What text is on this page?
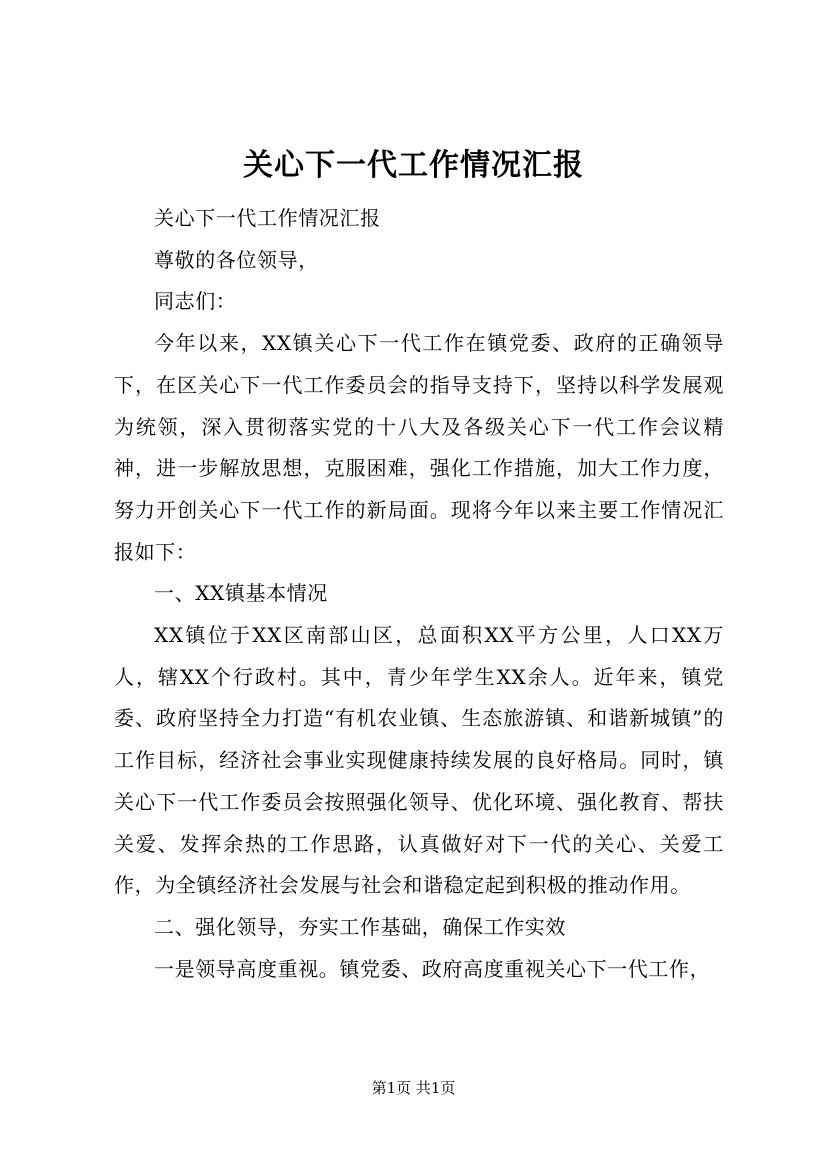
关心下一代工作情况汇报

关心下一代工作情况汇报

尊敬的各位领导，

同志们：

今年以来，XX镇关心下一代工作在镇党委、政府的正确领导下，在区关心下一代工作委员会的指导支持下，坚持以科学发展观为统领，深入贯彻落实党的十八大及各级关心下一代工作会议精神，进一步解放思想，克服困难，强化工作措施，加大工作力度，努力开创关心下一代工作的新局面。现将今年以来主要工作情况汇报如下：

一、XX镇基本情况

XX镇位于XX区南部山区，总面积XX平方公里，人口XX万人，辖XX个行政村。其中，青少年学生XX余人。近年来，镇党委、政府坚持全力打造“有机农业镇、生态旅游镇、和谐新城镇”的工作目标，经济社会事业实现健康持续发展的良好格局。同时，镇关心下一代工作委员会按照强化领导、优化环境、强化教育、帮扶关爱、发挥余热的工作思路，认真做好对下一代的关心、关爱工作，为全镇经济社会发展与社会和谐稳定起到积极的推动作用。

二、强化领导，夯实工作基础，确保工作实效

一是领导高度重视。镇党委、政府高度重视关心下一代工作，

第1页 共1页
